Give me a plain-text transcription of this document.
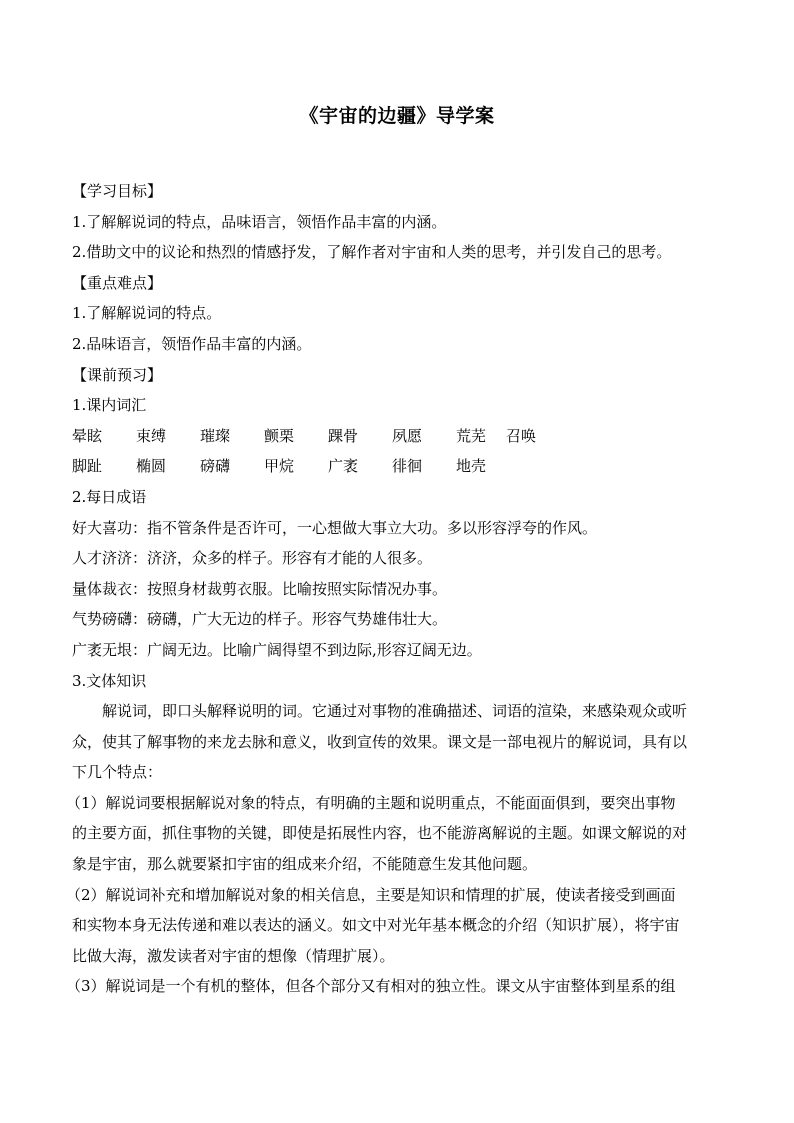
《宇宙的边疆》导学案
【学习目标】
1.了解解说词的特点，品味语言，领悟作品丰富的内涵。
2.借助文中的议论和热烈的情感抒发，了解作者对宇宙和人类的思考，并引发自己的思考。
【重点难点】
1.了解解说词的特点。
2.品味语言，领悟作品丰富的内涵。
【课前预习】
1.课内词汇
晕眩	束缚	璀璨	颤栗	踝骨	夙愿	荒芜	召唤
脚趾	椭圆	磅礴	甲烷	广袤	徘徊	地壳
2.每日成语
好大喜功：指不管条件是否许可，一心想做大事立大功。多以形容浮夸的作风。
人才济济：济济，众多的样子。形容有才能的人很多。
量体裁衣：按照身材裁剪衣服。比喻按照实际情况办事。
气势磅礴：磅礴，广大无边的样子。形容气势雄伟壮大。
广袤无垠：广阔无边。比喻广阔得望不到边际,形容辽阔无边。
3.文体知识
解说词，即口头解释说明的词。它通过对事物的准确描述、词语的渲染，来感染观众或听
众，使其了解事物的来龙去脉和意义，收到宣传的效果。课文是一部电视片的解说词，具有以
下几个特点：
（1）解说词要根据解说对象的特点，有明确的主题和说明重点，不能面面俱到，要突出事物
的主要方面，抓住事物的关键，即使是拓展性内容，也不能游离解说的主题。如课文解说的对
象是宇宙，那么就要紧扣宇宙的组成来介绍，不能随意生发其他问题。
（2）解说词补充和增加解说对象的相关信息，主要是知识和情理的扩展，使读者接受到画面
和实物本身无法传递和难以表达的涵义。如文中对光年基本概念的介绍（知识扩展），将宇宙
比做大海，激发读者对宇宙的想像（情理扩展）。
（3）解说词是一个有机的整体，但各个部分又有相对的独立性。课文从宇宙整体到星系的组
